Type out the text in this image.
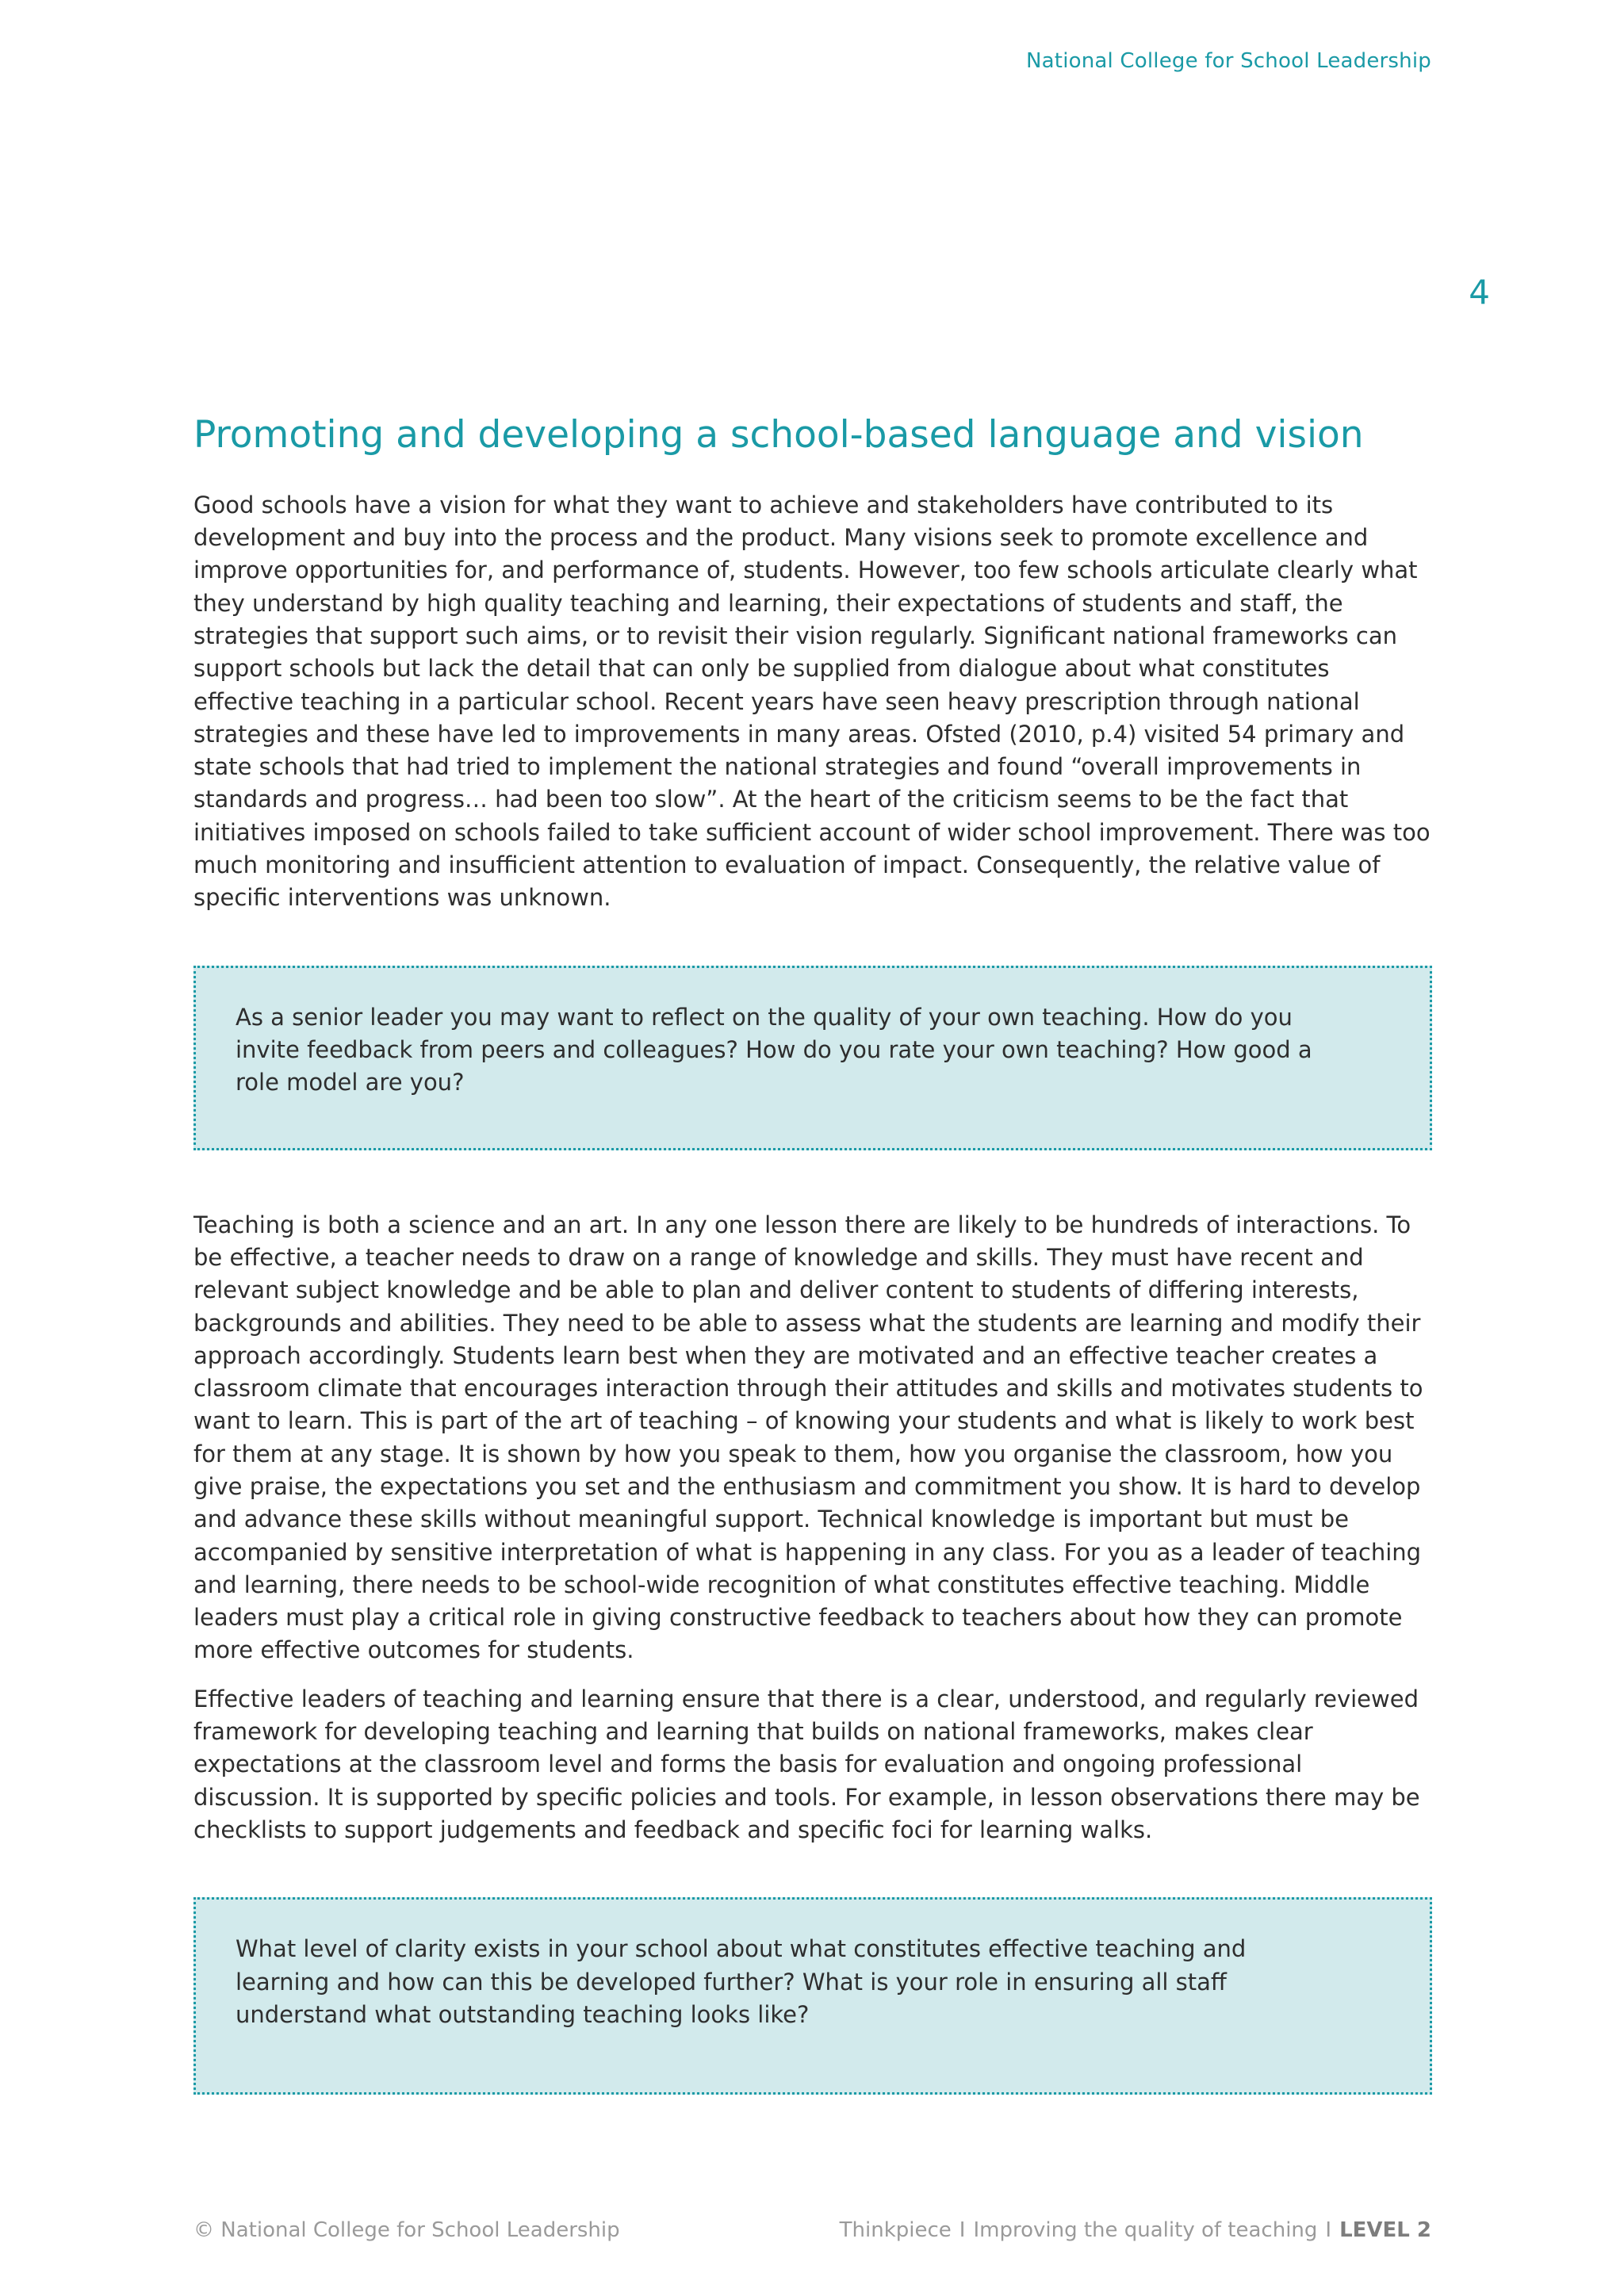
National College for School Leadership
4
Promoting and developing a school-based language and vision

Good schools have a vision for what they want to achieve and stakeholders have contributed to its development and buy into the process and the product. Many visions seek to promote excellence and improve opportunities for, and performance of, students. However, too few schools articulate clearly what they understand by high quality teaching and learning, their expectations of students and staff, the strategies that support such aims, or to revisit their vision regularly. Significant national frameworks can support schools but lack the detail that can only be supplied from dialogue about what constitutes effective teaching in a particular school. Recent years have seen heavy prescription through national strategies and these have led to improvements in many areas. Ofsted (2010, p.4) visited 54 primary and state schools that had tried to implement the national strategies and found “overall improvements in standards and progress… had been too slow”. At the heart of the criticism seems to be the fact that initiatives imposed on schools failed to take sufficient account of wider school improvement. There was too much monitoring and insufficient attention to evaluation of impact. Consequently, the relative value of specific interventions was unknown.

As a senior leader you may want to reflect on the quality of your own teaching. How do you invite feedback from peers and colleagues? How do you rate your own teaching? How good a role model are you?

Teaching is both a science and an art. In any one lesson there are likely to be hundreds of interactions. To be effective, a teacher needs to draw on a range of knowledge and skills. They must have recent and relevant subject knowledge and be able to plan and deliver content to students of differing interests, backgrounds and abilities. They need to be able to assess what the students are learning and modify their approach accordingly. Students learn best when they are motivated and an effective teacher creates a classroom climate that encourages interaction through their attitudes and skills and motivates students to want to learn. This is part of the art of teaching – of knowing your students and what is likely to work best for them at any stage. It is shown by how you speak to them, how you organise the classroom, how you give praise, the expectations you set and the enthusiasm and commitment you show. It is hard to develop and advance these skills without meaningful support. Technical knowledge is important but must be accompanied by sensitive interpretation of what is happening in any class. For you as a leader of teaching and learning, there needs to be school-wide recognition of what constitutes effective teaching. Middle leaders must play a critical role in giving constructive feedback to teachers about how they can promote more effective outcomes for students.

Effective leaders of teaching and learning ensure that there is a clear, understood, and regularly reviewed framework for developing teaching and learning that builds on national frameworks, makes clear expectations at the classroom level and forms the basis for evaluation and ongoing professional discussion. It is supported by specific policies and tools. For example, in lesson observations there may be checklists to support judgements and feedback and specific foci for learning walks.

What level of clarity exists in your school about what constitutes effective teaching and learning and how can this be developed further? What is your role in ensuring all staff understand what outstanding teaching looks like?

© National College for School Leadership	Thinkpiece I Improving the quality of teaching I LEVEL 2
